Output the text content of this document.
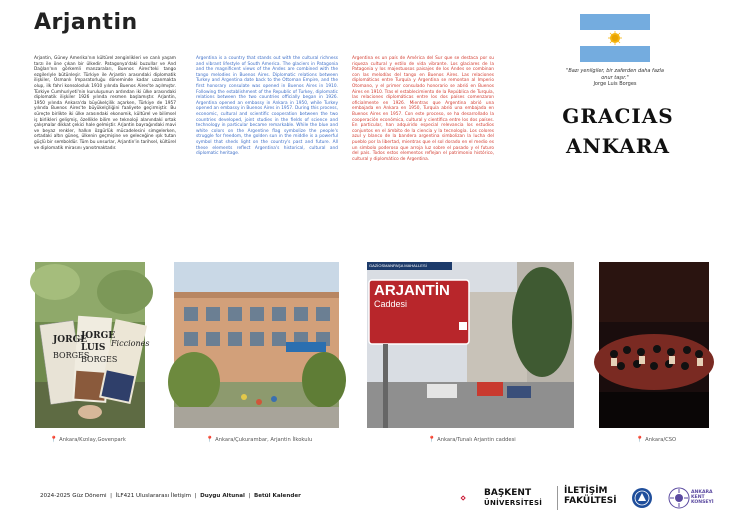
Arjantin

Arjantin, Güney Amerika'nın kültürel zenginlikleri ve canlı yaşam tarzı ile öne çıkan bir ülkedir. Patagonya'daki buzullar ve And Dağları'nın görkemli manzaraları, Buenos Aires'teki tango ezgileriyle bütünleşir. Türkiye ile Arjantin arasındaki diplomatik ilişkiler, Osmanlı İmparatorluğu döneminde kadar uzanmakta olup, ilk fahri konsolosluk 1910 yılında Buenos Aires'te açılmıştır. Türkiye Cumhuriyeti'nin kuruluşunun ardından iki ülke arasındaki diplomatik ilişkiler 1926 yılında resmen başlamıştır. Arjantin, 1950 yılında Ankara'da büyükelçilik açarken, Türkiye de 1957 yılında Buenos Aires'te büyükelçiliğini faaliyete geçirmiştir. Bu süreçte birlikte iki ülke arasındaki ekonomik, kültürel ve bilimsel iş birlikleri gelişmiş, özellikle bilim ve teknoloji alanındaki ortak çalışmalar dikkat çekici hale gelmiştir. Arjantin bayrağındaki mavi ve beyaz renkler, halkın özgürlük mücadelesini simgelerken, ortadaki altın güneş, ülkenin geçmişine ve geleceğine ışık tutan güçlü bir semboldür. Tüm bu unsurlar, Arjantin'in tarihsel, kültürel ve diplomatik mirasını yansıtmaktadır.

Argentina is a country that stands out with the cultural richness and vibrant lifestyle of South America. The glaciers in Patagonia and the magnificent views of the Andes are combined with the tango melodies in Buenos Aires. Diplomatic relations between Turkey and Argentina date back to the Ottoman Empire, and the first honorary consulate was opened in Buenos Aires in 1910. Following the establishment of the Republic of Turkey, diplomatic relations between the two countries officially began in 1926. Argentina opened an embassy in Ankara in 1950, while Turkey opened an embassy in Buenos Aires in 1957. During this process, economic, cultural and scientific cooperation between the two countries developed, joint studies in the fields of science and technology in particular became remarkable. While the blue and white colors on the Argentine flag symbolize the people's struggle for freedom, the golden sun in the middle is a powerful symbol that sheds light on the country's past and future. All these elements reflect Argentina's historical, cultural and diplomatic heritage.

Argentina es un país de América del Sur que se destaca por su riqueza cultural y estilo de vida vibrante. Los glaciares de la Patagonia y los majestuosos paisajes de los Andes se combinan con las melodías del tango en Buenos Aires. Las relaciones diplomáticas entre Turquía y Argentina se remontan al Imperio Otomano, y el primer consulado honorario se abrió en Buenos Aires en 1910. Tras el establecimiento de la República de Turquía, las relaciones diplomáticas entre los dos países comenzaron oficialmente en 1926. Mientras que Argentina abrió una embajada en Ankara en 1950, Turquía abrió una embajada en Buenos Aires en 1957. Con este proceso, se ha desarrollado la cooperación económica, cultural y científica entre los dos países. En particular, han adquirido especial relevancia los estudios conjuntos en el ámbito de la ciencia y la tecnología. Los colores azul y blanco de la bandera argentina simbolizan la lucha del pueblo por la libertad, mientras que el sol dorado en el medio es un símbolo poderoso que arroja luz sobre el pasado y el futuro del país. Todos estos elementos reflejan el patrimonio histórico, cultural y diplomático de Argentina.

"Bazı yenilgiler, bir zaferden daha fazla onur taşır."
Jorge Luis Borges
GRACIAS
ANKARA
JORGE
JORGE
LUIS Ficciones
BORGES
BORGES
ARJANTİN
Caddesi
GAZİOSMANPAŞA MAHALLESİ
📍 Ankara/Kızılay,Govenpark	📍 Ankara/Çukurambar, Arjantin İlkokulu	📍 Ankara/Tunalı Arjantin caddesi	📍 Ankara/CSO
2024-2025 Güz Dönemi  |  İLF421 Uluslararası İletişim  |  Duygu Altunal  |  Betül Kalender	BAŞKENT
ÜNİVERSİTESİ
İLETİŞİM
FAKÜLTESİ
ANKARA
KENT
KONSEYİ
